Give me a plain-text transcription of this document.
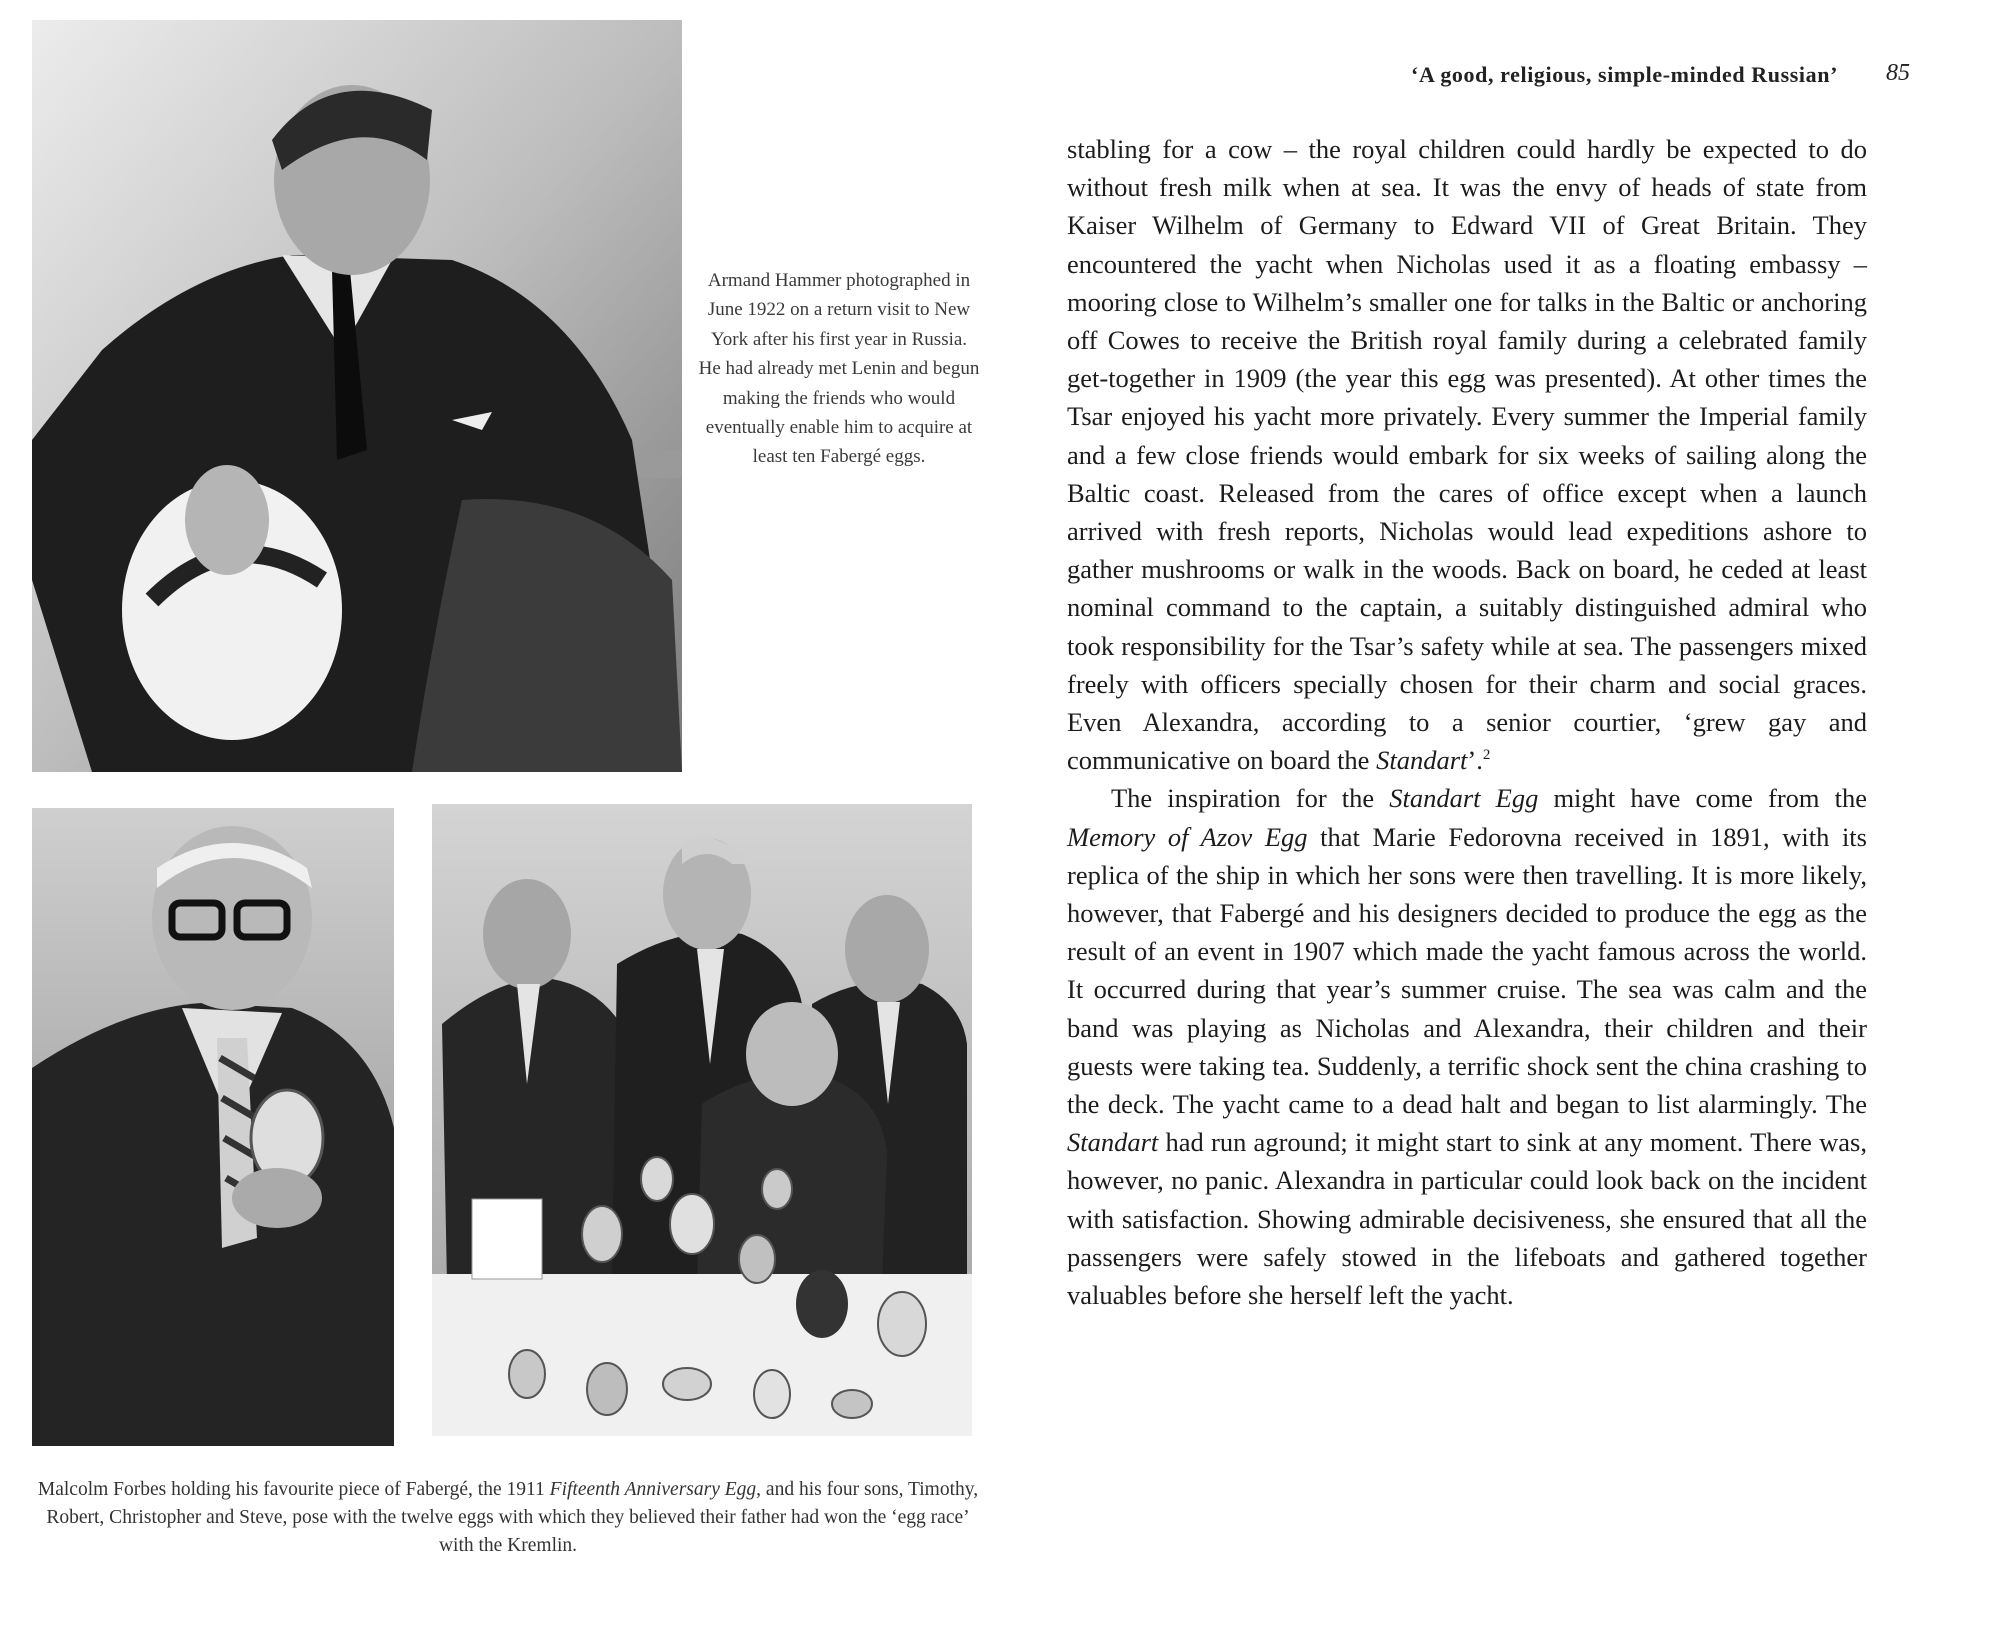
Armand Hammer photographed in June 1922 on a return visit to New York after his first year in Russia. He had already met Lenin and begun making the friends who would eventually enable him to acquire at least ten Fabergé eggs.
Malcolm Forbes holding his favourite piece of Fabergé, the 1911 Fifteenth Anniversary Egg, and his four sons, Timothy, Robert, Christopher and Steve, pose with the twelve eggs with which they believed their father had won the ‘egg race’ with the Kremlin.
‘A good, religious, simple-minded Russian’ 85

stabling for a cow – the royal children could hardly be expected to do without fresh milk when at sea. It was the envy of heads of state from Kaiser Wilhelm of Germany to Edward VII of Great Britain. They encountered the yacht when Nicholas used it as a floating embassy – mooring close to Wilhelm’s smaller one for talks in the Baltic or anchoring off Cowes to receive the British royal family during a celebrated family get-together in 1909 (the year this egg was presented). At other times the Tsar enjoyed his yacht more privately. Every summer the Imperial family and a few close friends would embark for six weeks of sailing along the Baltic coast. Released from the cares of office except when a launch arrived with fresh reports, Nicholas would lead expeditions ashore to gather mushrooms or walk in the woods. Back on board, he ceded at least nominal command to the captain, a suitably distinguished admiral who took responsibility for the Tsar’s safety while at sea. The passengers mixed freely with officers specially chosen for their charm and social graces. Even Alexandra, according to a senior courtier, ‘grew gay and communicative on board the Standart’.$^2$

The inspiration for the Standart Egg might have come from the Memory of Azov Egg that Marie Fedorovna received in 1891, with its replica of the ship in which her sons were then travelling. It is more likely, however, that Fabergé and his designers decided to produce the egg as the result of an event in 1907 which made the yacht famous across the world. It occurred during that year’s summer cruise. The sea was calm and the band was playing as Nicholas and Alexandra, their children and their guests were taking tea. Suddenly, a terrific shock sent the china crashing to the deck. The yacht came to a dead halt and began to list alarmingly. The Standart had run aground; it might start to sink at any moment. There was, however, no panic. Alexandra in particular could look back on the incident with satisfaction. Showing admirable decisiveness, she ensured that all the passengers were safely stowed in the lifeboats and gathered together valuables before she herself left the yacht.
